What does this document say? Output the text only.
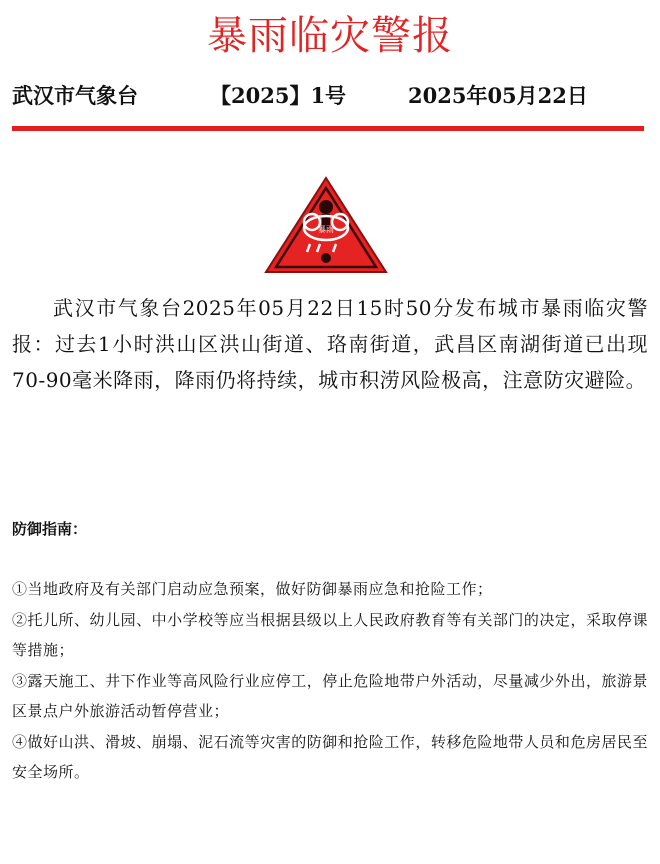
暴雨临灾警报
武汉市气象台	【2025】1号	2025年05月22日
暴雨

武汉市气象台2025年05月22日15时50分发布城市暴雨临灾警报：过去1小时洪山区洪山街道、珞南街道，武昌区南湖街道已出现70-90毫米降雨，降雨仍将持续，城市积涝风险极高，注意防灾避险。

防御指南：

①当地政府及有关部门启动应急预案，做好防御暴雨应急和抢险工作；
②托儿所、幼儿园、中小学校等应当根据县级以上人民政府教育等有关部门的决定，采取停课等措施；
③露天施工、井下作业等高风险行业应停工，停止危险地带户外活动，尽量减少外出，旅游景区景点户外旅游活动暂停营业；
④做好山洪、滑坡、崩塌、泥石流等灾害的防御和抢险工作，转移危险地带人员和危房居民至安全场所。
